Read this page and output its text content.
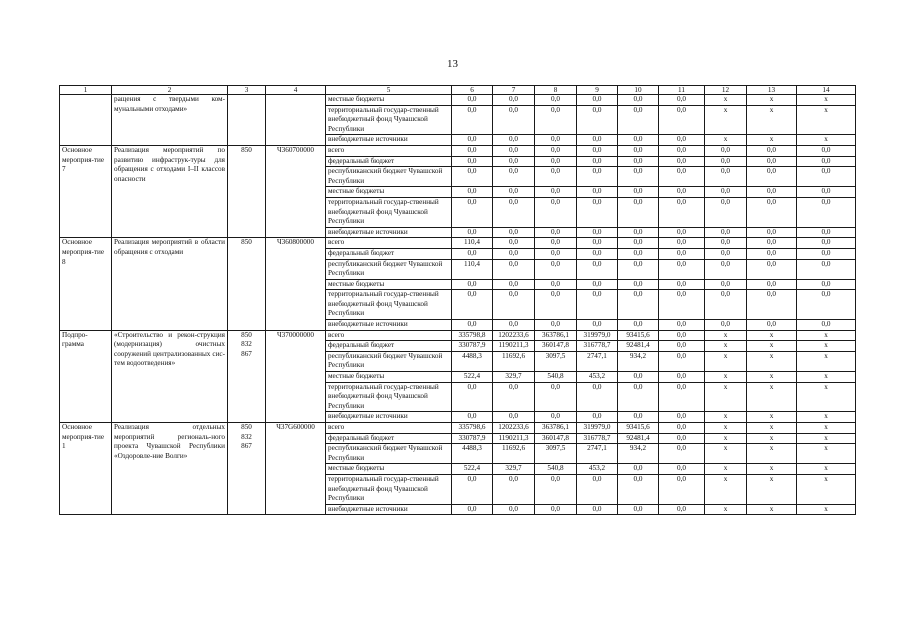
13
1	2	3	4	5	6	7	8	9	10	11	12	13	14
	ращения с твердыми ком-мунальными отходами»			местные бюджеты	0,0	0,0	0,0	0,0	0,0	0,0	x	x	x
				территориальный государ-ственный внебюджетный фонд Чувашской Республики	0,0	0,0	0,0	0,0	0,0	0,0	x	x	x
				внебюджетные источники	0,0	0,0	0,0	0,0	0,0	0,0	x	x	x
Основное мероприя-тие 7	Реализация мероприятий по развитию инфраструк-туры для обращения с отходами I–II классов опасности	850	Ч360700000	всего	0,0	0,0	0,0	0,0	0,0	0,0	0,0	0,0	0,0
				федеральный бюджет	0,0	0,0	0,0	0,0	0,0	0,0	0,0	0,0	0,0
				республиканский бюджет Чувашской Республики	0,0	0,0	0,0	0,0	0,0	0,0	0,0	0,0	0,0
				местные бюджеты	0,0	0,0	0,0	0,0	0,0	0,0	0,0	0,0	0,0
				территориальный государ-ственный внебюджетный фонд Чувашской Республики	0,0	0,0	0,0	0,0	0,0	0,0	0,0	0,0	0,0
				внебюджетные источники	0,0	0,0	0,0	0,0	0,0	0,0	0,0	0,0	0,0
Основное мероприя-тие 8	Реализация мероприятий в области обращения с отходами	850	Ч360800000	всего	110,4	0,0	0,0	0,0	0,0	0,0	0,0	0,0	0,0
				федеральный бюджет	0,0	0,0	0,0	0,0	0,0	0,0	0,0	0,0	0,0
				республиканский бюджет Чувашской Республики	110,4	0,0	0,0	0,0	0,0	0,0	0,0	0,0	0,0
				местные бюджеты	0,0	0,0	0,0	0,0	0,0	0,0	0,0	0,0	0,0
				территориальный государ-ственный внебюджетный фонд Чувашской Республики	0,0	0,0	0,0	0,0	0,0	0,0	0,0	0,0	0,0
				внебюджетные источники	0,0	0,0	0,0	0,0	0,0	0,0	0,0	0,0	0,0
Подпро-грамма	«Строительство и рекон-струкция (модернизация) очистных сооружений централизованных сис-тем водоотведения»	850
832
867	Ч370000000	всего	335798,8	1202233,6	363786,1	319979,0	93415,6	0,0	x	x	x
				федеральный бюджет	330787,9	1190211,3	360147,8	316778,7	92481,4	0,0	x	x	x
				республиканский бюджет Чувашской Республики	4488,3	11692,6	3097,5	2747,1	934,2	0,0	x	x	x
				местные бюджеты	522,4	329,7	540,8	453,2	0,0	0,0	x	x	x
				территориальный государ-ственный внебюджетный фонд Чувашской Республики	0,0	0,0	0,0	0,0	0,0	0,0	x	x	x
				внебюджетные источники	0,0	0,0	0,0	0,0	0,0	0,0	x	x	x
Основное мероприя-тие 1	Реализация отдельных мероприятий региональ-ного проекта Чувашской Республики «Оздоровле-ние Волги»	850
832
867	Ч37G600000	всего	335798,6	1202233,6	363786,1	319979,0	93415,6	0,0	x	x	x
				федеральный бюджет	330787,9	1190211,3	360147,8	316778,7	92481,4	0,0	x	x	x
				республиканский бюджет Чувашской Республики	4488,3	11692,6	3097,5	2747,1	934,2	0,0	x	x	x
				местные бюджеты	522,4	329,7	540,8	453,2	0,0	0,0	x	x	x
				территориальный государ-ственный внебюджетный фонд Чувашской Республики	0,0	0,0	0,0	0,0	0,0	0,0	x	x	x
				внебюджетные источники	0,0	0,0	0,0	0,0	0,0	0,0	x	x	x
